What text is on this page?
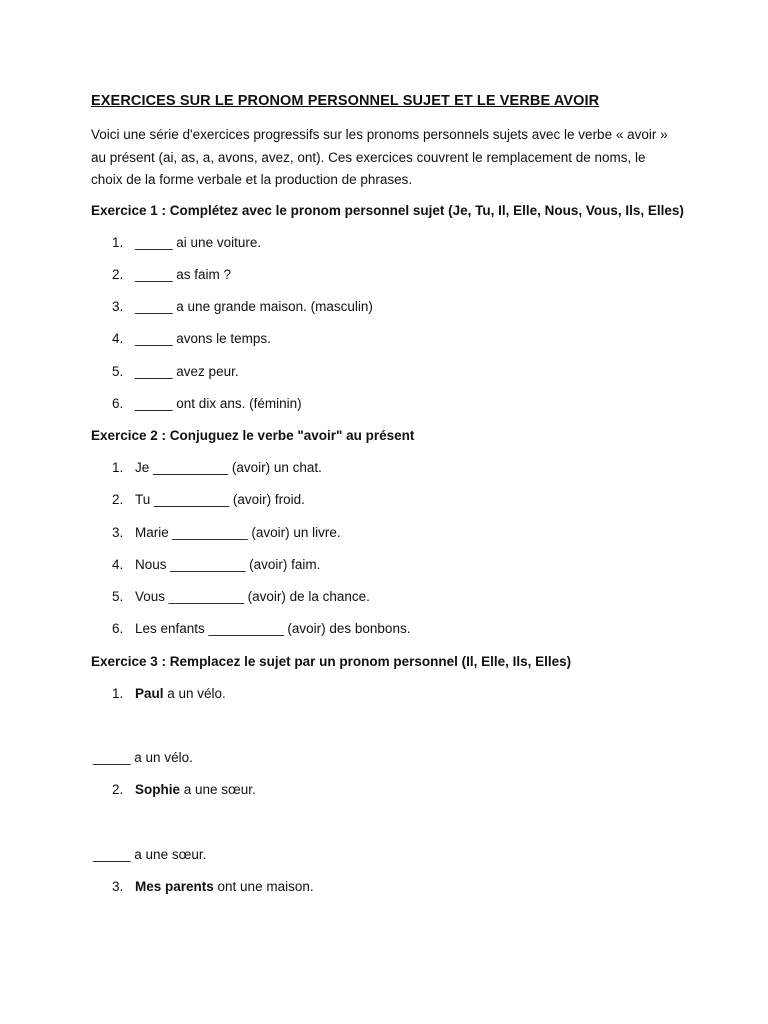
EXERCICES SUR LE PRONOM PERSONNEL SUJET ET LE VERBE AVOIR
Voici une série d'exercices progressifs sur les pronoms personnels sujets avec le verbe « avoir »
au présent (ai, as, a, avons, avez, ont). Ces exercices couvrent le remplacement de noms, le
choix de la forme verbale et la production de phrases.
Exercice 1 : Complétez avec le pronom personnel sujet (Je, Tu, Il, Elle, Nous, Vous, Ils, Elles)
1. _____ ai une voiture.
2. _____ as faim ?
3. _____ a une grande maison. (masculin)
4. _____ avons le temps.
5. _____ avez peur.
6. _____ ont dix ans. (féminin)
Exercice 2 : Conjuguez le verbe "avoir" au présent
1. Je __________ (avoir) un chat.
2. Tu __________ (avoir) froid.
3. Marie __________ (avoir) un livre.
4. Nous __________ (avoir) faim.
5. Vous __________ (avoir) de la chance.
6. Les enfants __________ (avoir) des bonbons.
Exercice 3 : Remplacez le sujet par un pronom personnel (Il, Elle, Ils, Elles)
1. Paul a un vélo.
_____ a un vélo.
2. Sophie a une sœur.
_____ a une sœur.
3. Mes parents ont une maison.
